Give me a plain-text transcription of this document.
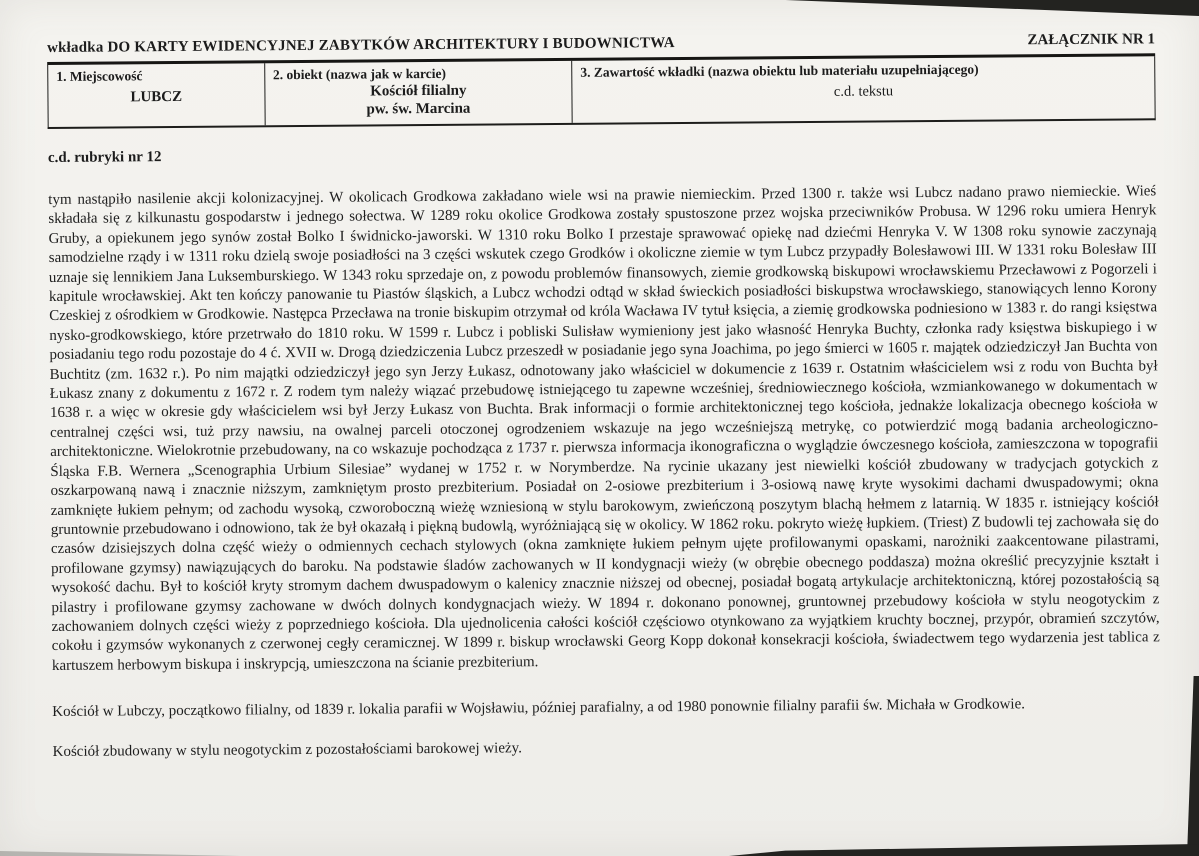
wkładka DO KARTY EWIDENCYJNEJ ZABYTKÓW ARCHITEKTURY I BUDOWNICTWA	ZAŁĄCZNIK NR 1
1. Miejscowość
LUBCZ
2. obiekt (nazwa jak w karcie)
Kościół filialny
pw. św. Marcina
3. Zawartość wkładki (nazwa obiektu lub materiału uzupełniającego)
c.d. tekstu
c.d. rubryki nr 12

tym nastąpiło nasilenie akcji kolonizacyjnej. W okolicach Grodkowa zakładano wiele wsi na prawie niemieckim. Przed 1300 r. także wsi Lubcz nadano prawo niemieckie. Wieś składała się z kilkunastu gospodarstw i jednego sołectwa. W 1289 roku okolice Grodkowa zostały spustoszone przez wojska przeciwników Probusa. W 1296 roku umiera Henryk Gruby, a opiekunem jego synów został Bolko I świdnicko-jaworski. W 1310 roku Bolko I przestaje sprawować opiekę nad dziećmi Henryka V. W 1308 roku synowie zaczynają samodzielne rządy i w 1311 roku dzielą swoje posiadłości na 3 części wskutek czego Grodków i okoliczne ziemie w tym Lubcz przypadły Bolesławowi III. W 1331 roku Bolesław III uznaje się lennikiem Jana Luksemburskiego. W 1343 roku sprzedaje on, z powodu problemów finansowych, ziemie grodkowską biskupowi wrocławskiemu Przecławowi z Pogorzeli i kapitule wrocławskiej. Akt ten kończy panowanie tu Piastów śląskich, a Lubcz wchodzi odtąd w skład świeckich posiadłości biskupstwa wrocławskiego, stanowiących lenno Korony Czeskiej z ośrodkiem w Grodkowie. Następca Przecława na tronie biskupim otrzymał od króla Wacława IV tytuł księcia, a ziemię grodkowska podniesiono w 1383 r. do rangi księstwa nysko-grodkowskiego, które przetrwało do 1810 roku. W 1599 r. Lubcz i pobliski Sulisław wymieniony jest jako własność Henryka Buchty, członka rady księstwa biskupiego i w posiadaniu tego rodu pozostaje do 4 ć. XVII w. Drogą dziedziczenia Lubcz przeszedł w posiadanie jego syna Joachima, po jego śmierci w 1605 r. majątek odziedziczył Jan Buchta von Buchtitz (zm. 1632 r.). Po nim majątki odziedziczył jego syn Jerzy Łukasz, odnotowany jako właściciel w dokumencie z 1639 r. Ostatnim właścicielem wsi z rodu von Buchta był Łukasz znany z dokumentu z 1672 r. Z rodem tym należy wiązać przebudowę istniejącego tu zapewne wcześniej, średniowiecznego kościoła, wzmiankowanego w dokumentach w 1638 r. a więc w okresie gdy właścicielem wsi był Jerzy Łukasz von Buchta. Brak informacji o formie architektonicznej tego kościoła, jednakże lokalizacja obecnego kościoła w centralnej części wsi, tuż przy nawsiu, na owalnej parceli otoczonej ogrodzeniem wskazuje na jego wcześniejszą metrykę, co potwierdzić mogą badania archeologiczno-architektoniczne. Wielokrotnie przebudowany, na co wskazuje pochodząca z 1737 r. pierwsza informacja ikonograficzna o wyglądzie ówczesnego kościoła, zamieszczona w topografii Śląska F.B. Wernera „Scenographia Urbium Silesiae” wydanej w 1752 r. w Norymberdze. Na rycinie ukazany jest niewielki kościół zbudowany w tradycjach gotyckich z oszkarpowaną nawą i znacznie niższym, zamkniętym prosto prezbiterium. Posiadał on 2-osiowe prezbiterium i 3-osiową nawę kryte wysokimi dachami dwuspadowymi; okna zamknięte łukiem pełnym; od zachodu wysoką, czworoboczną wieżę wzniesioną w stylu barokowym, zwieńczoną poszytym blachą hełmem z latarnią. W 1835 r. istniejący kościół gruntownie przebudowano i odnowiono, tak że był okazałą i piękną budowlą, wyróżniającą się w okolicy. W 1862 roku. pokryto wieżę łupkiem. (Triest) Z budowli tej zachowała się do czasów dzisiejszych dolna część wieży o odmiennych cechach stylowych (okna zamknięte łukiem pełnym ujęte profilowanymi opaskami, narożniki zaakcentowane pilastrami, profilowane gzymsy) nawiązujących do baroku. Na podstawie śladów zachowanych w II kondygnacji wieży (w obrębie obecnego poddasza) można określić precyzyjnie kształt i wysokość dachu. Był to kościół kryty stromym dachem dwuspadowym o kalenicy znacznie niższej od obecnej, posiadał bogatą artykulacje architektoniczną, której pozostałością są pilastry i profilowane gzymsy zachowane w dwóch dolnych kondygnacjach wieży. W 1894 r. dokonano ponownej, gruntownej przebudowy kościoła w stylu neogotyckim z zachowaniem dolnych części wieży z poprzedniego kościoła. Dla ujednolicenia całości kościół częściowo otynkowano za wyjątkiem kruchty bocznej, przypór, obramień szczytów, cokołu i gzymsów wykonanych z czerwonej cegły ceramicznej. W 1899 r. biskup wrocławski Georg Kopp dokonał konsekracji kościoła, świadectwem tego wydarzenia jest tablica z kartuszem herbowym biskupa i inskrypcją, umieszczona na ścianie prezbiterium.

Kościół w Lubczy, początkowo filialny, od 1839 r. lokalia parafii w Wojsławiu, później parafialny, a od 1980 ponownie filialny parafii św. Michała w Grodkowie.

Kościół zbudowany w stylu neogotyckim z pozostałościami barokowej wieży.
